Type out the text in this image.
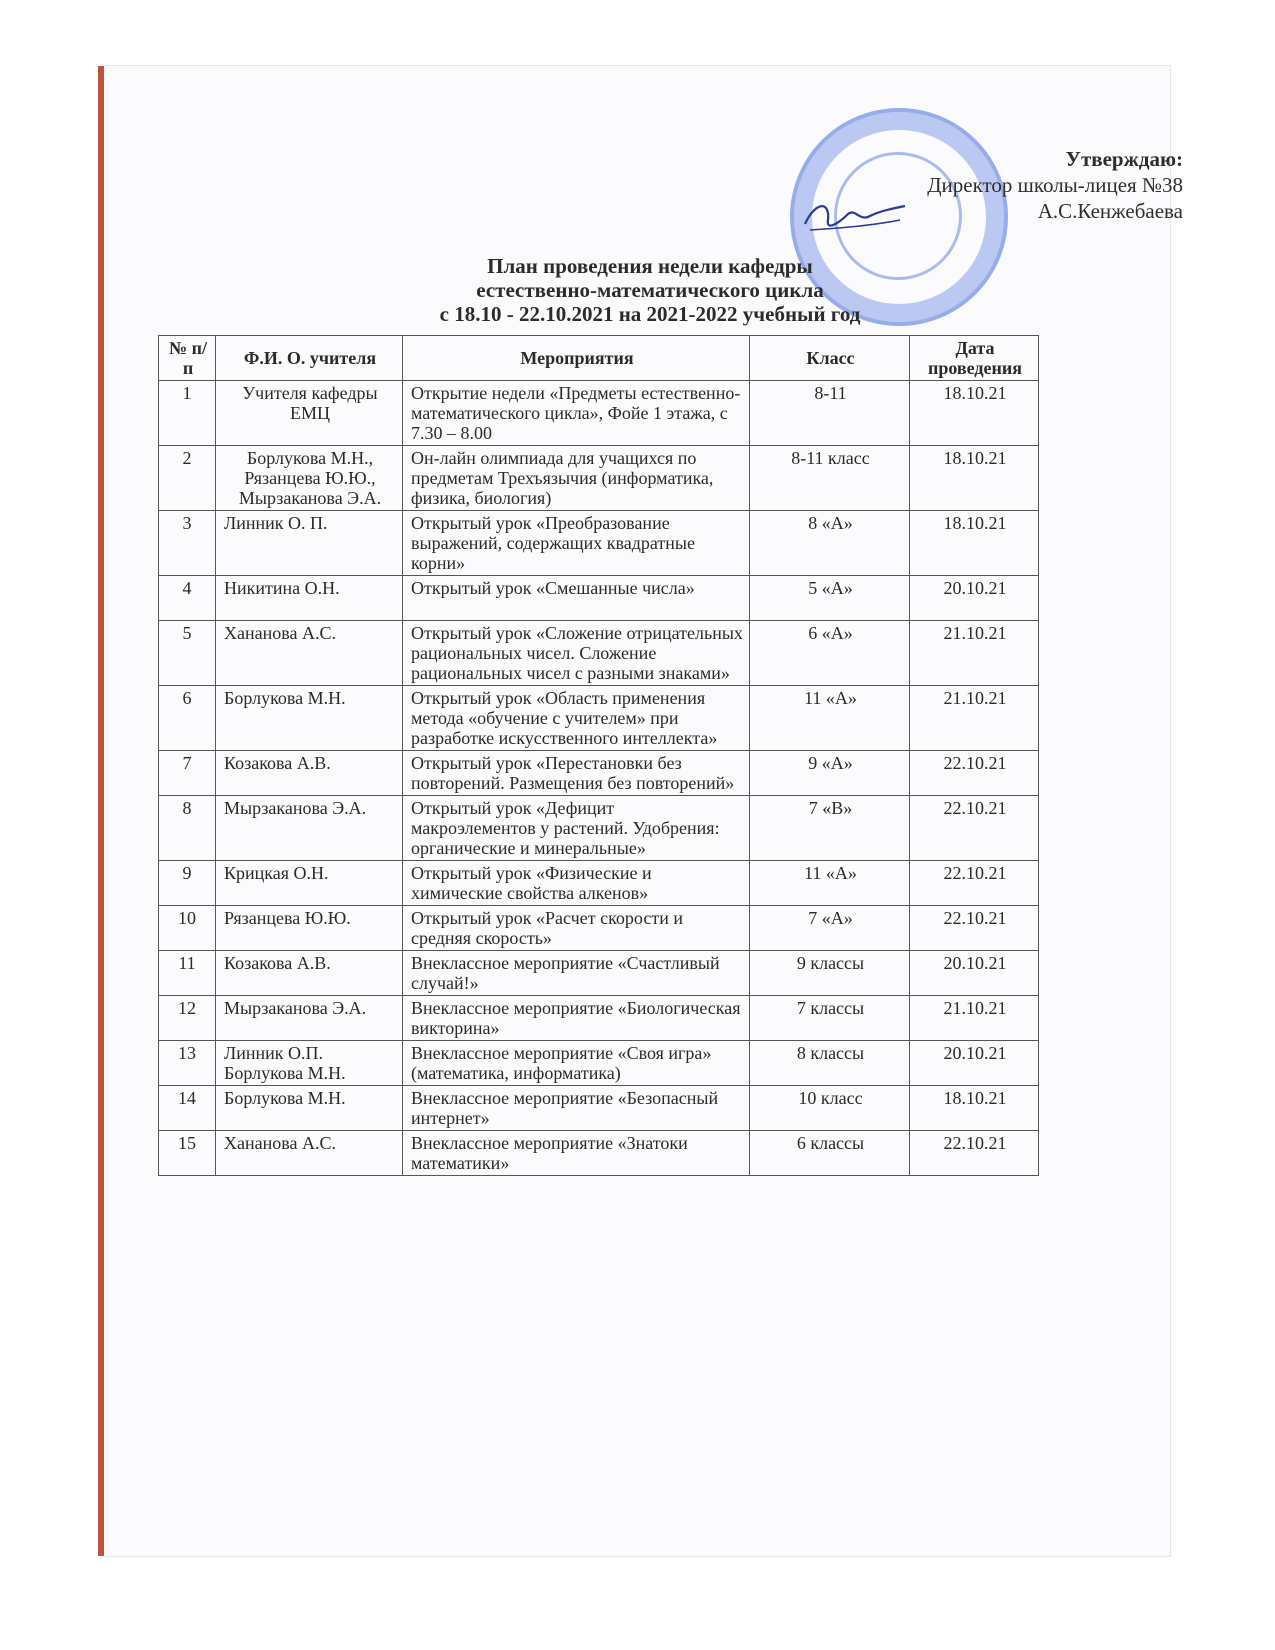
Утверждаю:
Директор школы-лицея №38
А.С.Кенжебаева
План проведения недели кафедры
естественно-математического цикла
с 18.10 - 22.10.2021 на 2021-2022 учебный год
№ п/п	Ф.И. О. учителя	Мероприятия	Класс	Дата проведения
1	Учителя кафедры ЕМЦ	Открытие недели «Предметы естественно-математического цикла», Фойе 1 этажа, с 7.30 – 8.00	8-11	18.10.21
2	Борлукова М.Н., Рязанцева Ю.Ю., Мырзаканова Э.А.	Он-лайн олимпиада для учащихся по предметам Трехъязычия (информатика, физика, биология)	8-11 класс	18.10.21
3	Линник О. П.	Открытый урок «Преобразование выражений, содержащих квадратные корни»	8 «А»	18.10.21
4	Никитина О.Н.	Открытый урок «Смешанные числа»	5 «А»	20.10.21
5	Хананова А.С.	Открытый урок «Сложение отрицательных рациональных чисел. Сложение рациональных чисел с разными знаками»	6 «А»	21.10.21
6	Борлукова М.Н.	Открытый урок «Область применения метода «обучение с учителем» при разработке искусственного интеллекта»	11 «А»	21.10.21
7	Козакова А.В.	Открытый урок «Перестановки без повторений. Размещения без повторений»	9 «А»	22.10.21
8	Мырзаканова Э.А.	Открытый урок «Дефицит макроэлементов у растений. Удобрения: органические и минеральные»	7 «В»	22.10.21
9	Крицкая О.Н.	Открытый урок «Физические и химические свойства алкенов»	11 «А»	22.10.21
10	Рязанцева Ю.Ю.	Открытый урок «Расчет скорости и средняя скорость»	7 «А»	22.10.21
11	Козакова А.В.	Внеклассное мероприятие «Счастливый случай!»	9 классы	20.10.21
12	Мырзаканова Э.А.	Внеклассное мероприятие «Биологическая викторина»	7 классы	21.10.21
13	Линник О.П. Борлукова М.Н.	Внеклассное мероприятие «Своя игра» (математика, информатика)	8 классы	20.10.21
14	Борлукова М.Н.	Внеклассное мероприятие «Безопасный интернет»	10 класс	18.10.21
15	Хананова А.С.	Внеклассное мероприятие «Знатоки математики»	6 классы	22.10.21
